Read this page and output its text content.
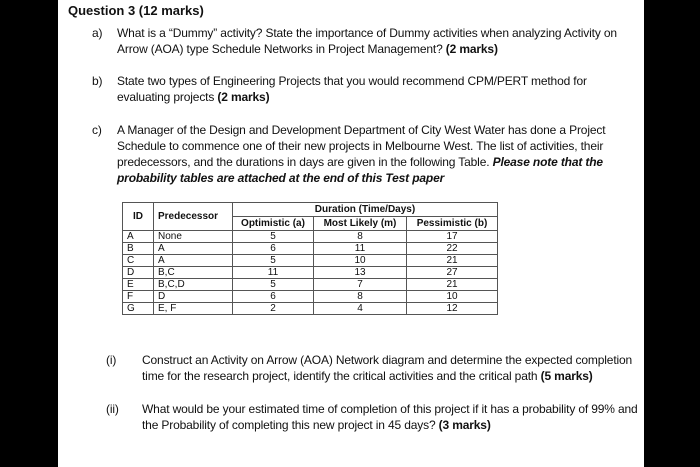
Question 3 (12 marks)
a) What is a “Dummy” activity? State the importance of Dummy activities when analyzing Activity on Arrow (AOA) type Schedule Networks in Project Management? (2 marks)
b) State two types of Engineering Projects that you would recommend CPM/PERT method for evaluating projects (2 marks)
c) A Manager of the Design and Development Department of City West Water has done a Project Schedule to commence one of their new projects in Melbourne West. The list of activities, their predecessors, and the durations in days are given in the following Table. Please note that the probability tables are attached at the end of this Test paper
ID	Predecessor	Duration (Time/Days)		
		Optimistic (a)	Most Likely (m)	Pessimistic (b)
A	None	5	8	17
B	A	6	11	22
C	A	5	10	21
D	B,C	11	13	27
E	B,C,D	5	7	21
F	D	6	8	10
G	E, F	2	4	12
(i) Construct an Activity on Arrow (AOA) Network diagram and determine the expected completion time for the research project, identify the critical activities and the critical path (5 marks)
(ii) What would be your estimated time of completion of this project if it has a probability of 99% and the Probability of completing this new project in 45 days? (3 marks)
